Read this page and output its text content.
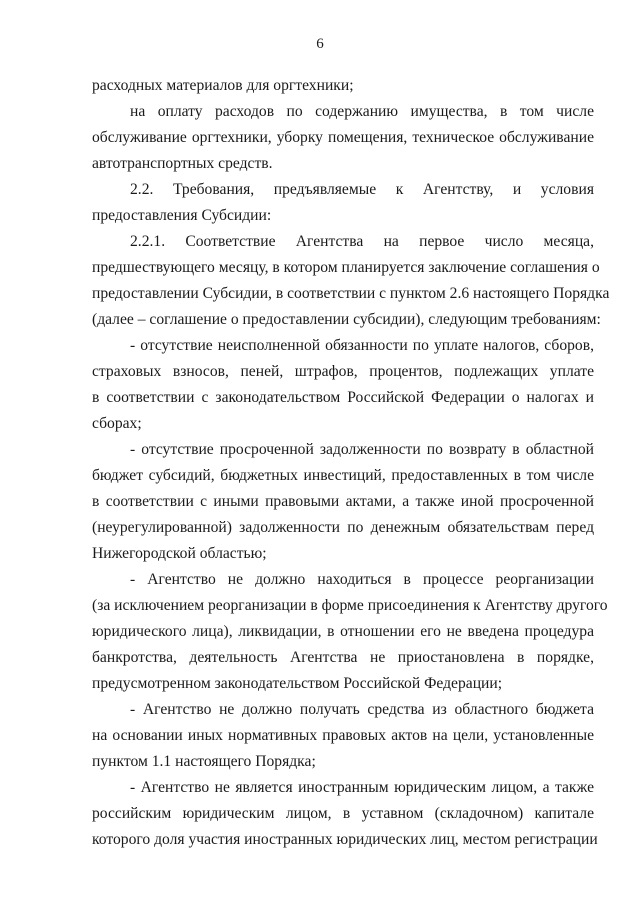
6
расходных материалов для оргтехники;
на оплату расходов по содержанию имущества, в том числе
обслуживание оргтехники, уборку помещения, техническое обслуживание
автотранспортных средств.
2.2. Требования, предъявляемые к Агентству, и условия
предоставления Субсидии:
2.2.1. Соответствие Агентства на первое число месяца,
предшествующего месяцу, в котором планируется заключение соглашения о
предоставлении Субсидии, в соответствии с пунктом 2.6 настоящего Порядка
(далее – соглашение о предоставлении субсидии), следующим требованиям:
- отсутствие неисполненной обязанности по уплате налогов, сборов,
страховых взносов, пеней, штрафов, процентов, подлежащих уплате
в соответствии с законодательством Российской Федерации о налогах и
сборах;
- отсутствие просроченной задолженности по возврату в областной
бюджет субсидий, бюджетных инвестиций, предоставленных в том числе
в соответствии с иными правовыми актами, а также иной просроченной
(неурегулированной) задолженности по денежным обязательствам перед
Нижегородской областью;
- Агентство не должно находиться в процессе реорганизации
(за исключением реорганизации в форме присоединения к Агентству другого
юридического лица), ликвидации, в отношении его не введена процедура
банкротства, деятельность Агентства не приостановлена в порядке,
предусмотренном законодательством Российской Федерации;
- Агентство не должно получать средства из областного бюджета
на основании иных нормативных правовых актов на цели, установленные
пунктом 1.1 настоящего Порядка;
- Агентство не является иностранным юридическим лицом, а также
российским юридическим лицом, в уставном (складочном) капитале
которого доля участия иностранных юридических лиц, местом регистрации
